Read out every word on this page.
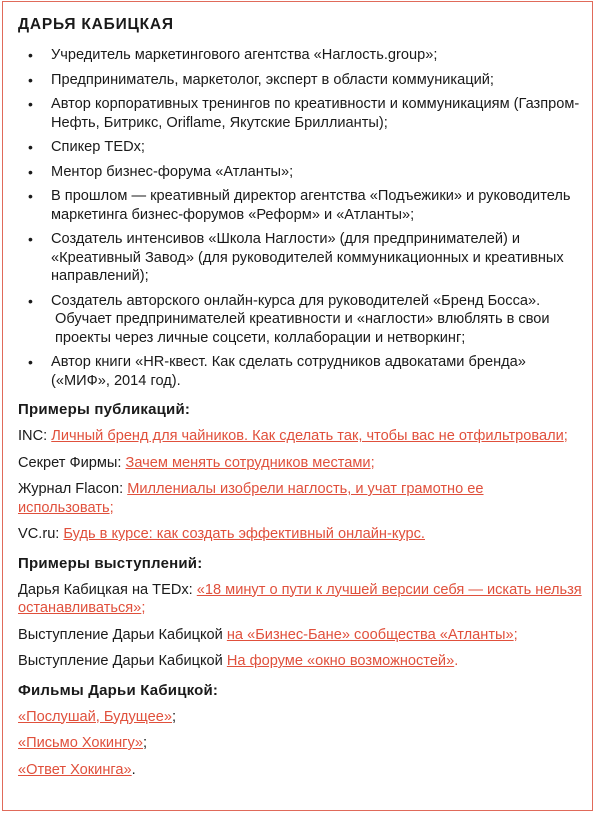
ДАРЬЯ КАБИЦКАЯ
• Учредитель маркетингового агентства «Наглость.group»;
• Предприниматель, маркетолог, эксперт в области коммуникаций;
• Автор корпоративных тренингов по креативности и коммуникациям (Газпром-Нефть, Битрикс, Oriflame, Якутские Бриллианты);
• Спикер TEDx;
• Ментор бизнес-форума «Атланты»;
• В прошлом — креативный директор агентства «Подъежики» и руководитель маркетинга бизнес-форумов «Реформ» и «Атланты»;
• Создатель интенсивов «Школа Наглости» (для предпринимателей) и «Креативный Завод» (для руководителей коммуникационных и креативных направлений);
• Создатель авторского онлайн-курса для руководителей «Бренд Босса».
Обучает предпринимателей креативности и «наглости» влюблять в свои проекты через личные соцсети, коллаборации и нетворкинг;
• Автор книги «HR-квест. Как сделать сотрудников адвокатами бренда» («МИФ», 2014 год).
Примеры публикаций:
INC: Личный бренд для чайников. Как сделать так, чтобы вас не отфильтровали;
Секрет Фирмы: Зачем менять сотрудников местами;
Журнал Flacon: Миллениалы изобрели наглость, и учат грамотно ее использовать;
VC.ru: Будь в курсе: как создать эффективный онлайн-курс.
Примеры выступлений:
Дарья Кабицкая на TEDx: «18 минут о пути к лучшей версии себя — искать нельзя останавливаться»;
Выступление Дарьи Кабицкой на «Бизнес-Бане» сообщества «Атланты»;
Выступление Дарьи Кабицкой На форуме «окно возможностей».
Фильмы Дарьи Кабицкой:
«Послушай, Будущее»;
«Письмо Хокингу»;
«Ответ Хокинга».
